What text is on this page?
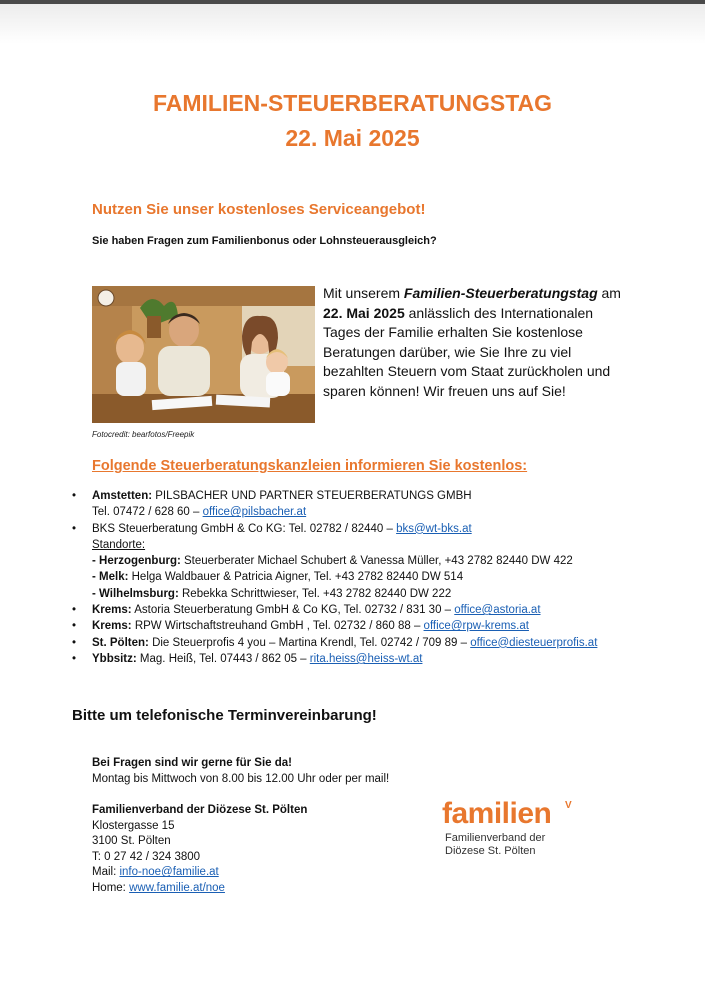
FAMILIEN-STEUERBERATUNGSTAG
22. Mai 2025
Nutzen Sie unser kostenloses Serviceangebot!
Sie haben Fragen zum Familienbonus oder Lohnsteuerausgleich?
Fotocredit: bearfotos/Freepik
Mit unserem Familien-Steuerberatungstag am 22. Mai 2025 anlässlich des Internationalen Tages der Familie erhalten Sie kostenlose Beratungen darüber, wie Sie Ihre zu viel bezahlten Steuern vom Staat zurückholen und sparen können! Wir freuen uns auf Sie!
Folgende Steuerberatungskanzleien informieren Sie kostenlos:
• Amstetten: PILSBACHER UND PARTNER STEUERBERATUNGS GMBH
Tel. 07472 / 628 60 – office@pilsbacher.at
• BKS Steuerberatung GmbH & Co KG: Tel. 02782 / 82440 – bks@wt-bks.at
Standorte:
- Herzogenburg: Steuerberater Michael Schubert & Vanessa Müller, +43 2782 82440 DW 422
- Melk: Helga Waldbauer & Patricia Aigner, Tel. +43 2782 82440 DW 514
- Wilhelmsburg: Rebekka Schrittwieser, Tel. +43 2782 82440 DW 222
• Krems: Astoria Steuerberatung GmbH & Co KG, Tel. 02732 / 831 30 – office@astoria.at
• Krems: RPW Wirtschaftstreuhand GmbH , Tel. 02732 / 860 88 – office@rpw-krems.at
• St. Pölten: Die Steuerprofis 4 you – Martina Krendl, Tel. 02742 / 709 89 – office@diesteuerprofis.at
• Ybbsitz: Mag. Heiß, Tel. 07443 / 862 05 – rita.heiss@heiss-wt.at
Bitte um telefonische Terminvereinbarung!
Bei Fragen sind wir gerne für Sie da!
Montag bis Mittwoch von 8.00 bis 12.00 Uhr oder per mail!
Familienverband der Diözese St. Pölten
Klostergasse 15
3100 St. Pölten
T: 0 27 42 / 324 3800
Mail: info-noe@familie.at
Home: www.familie.at/noe
familien V
Familienverband der
Diözese St. Pölten
